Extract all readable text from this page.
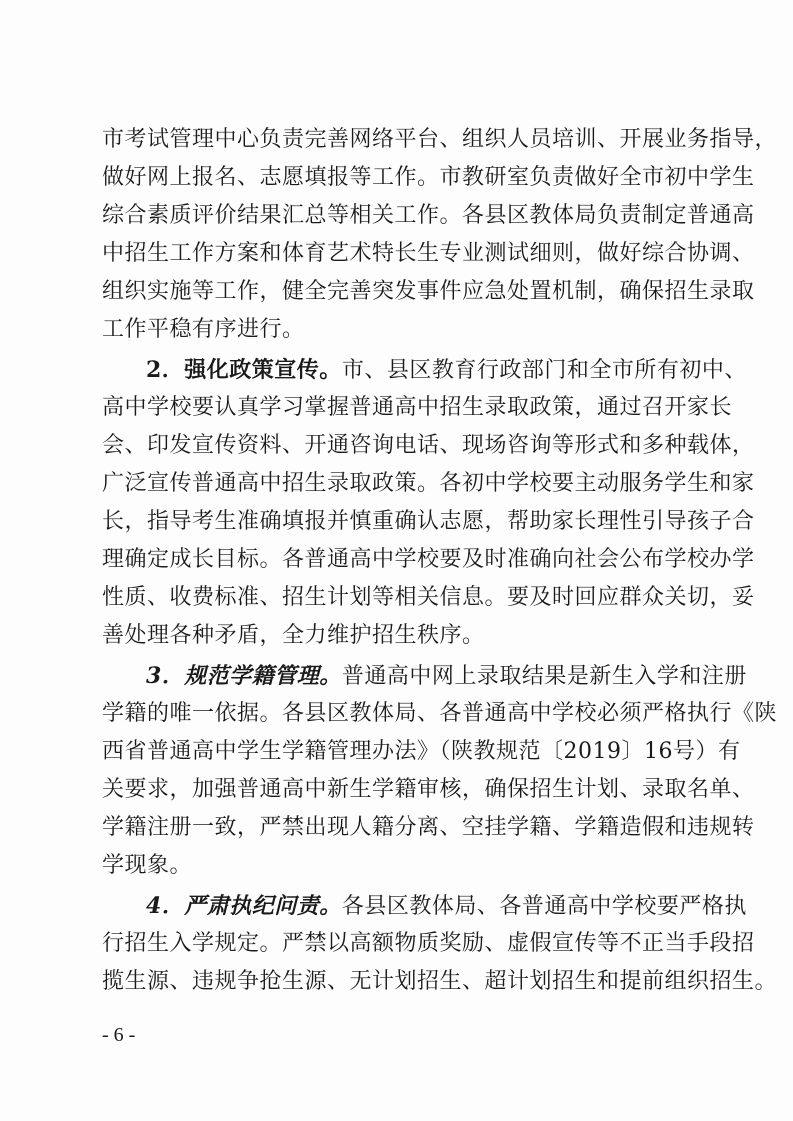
市考试管理中心负责完善网络平台、组织人员培训、开展业务指导，
做好网上报名、志愿填报等工作。市教研室负责做好全市初中学生
综合素质评价结果汇总等相关工作。各县区教体局负责制定普通高
中招生工作方案和体育艺术特长生专业测试细则，做好综合协调、
组织实施等工作，健全完善突发事件应急处置机制，确保招生录取
工作平稳有序进行。
2．强化政策宣传。市、县区教育行政部门和全市所有初中、
高中学校要认真学习掌握普通高中招生录取政策，通过召开家长
会、印发宣传资料、开通咨询电话、现场咨询等形式和多种载体，
广泛宣传普通高中招生录取政策。各初中学校要主动服务学生和家
长，指导考生准确填报并慎重确认志愿，帮助家长理性引导孩子合
理确定成长目标。各普通高中学校要及时准确向社会公布学校办学
性质、收费标准、招生计划等相关信息。要及时回应群众关切，妥
善处理各种矛盾，全力维护招生秩序。
3．规范学籍管理。普通高中网上录取结果是新生入学和注册
学籍的唯一依据。各县区教体局、各普通高中学校必须严格执行《陕
西省普通高中学生学籍管理办法》（陕教规范〔2019〕16号）有
关要求，加强普通高中新生学籍审核，确保招生计划、录取名单、
学籍注册一致，严禁出现人籍分离、空挂学籍、学籍造假和违规转
学现象。
4．严肃执纪问责。各县区教体局、各普通高中学校要严格执
行招生入学规定。严禁以高额物质奖励、虚假宣传等不正当手段招
揽生源、违规争抢生源、无计划招生、超计划招生和提前组织招生。
- 6 -
